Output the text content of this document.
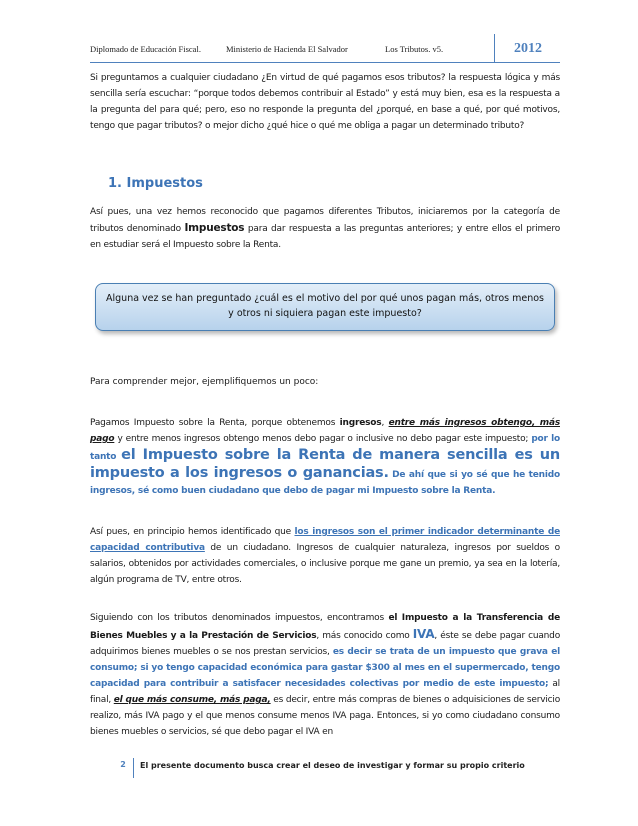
Diplomado de Educación Fiscal.	Ministerio de Hacienda El Salvador	Los Tributos. v5.	2012
Si preguntamos a cualquier ciudadano ¿En virtud de qué pagamos esos tributos? la respuesta lógica y más sencilla sería escuchar: “porque todos debemos contribuir al Estado” y está muy bien, esa es la respuesta a la pregunta del para qué; pero, eso no responde la pregunta del ¿porqué, en base a qué, por qué motivos, tengo que pagar tributos? o mejor dicho ¿qué hice o qué me obliga a pagar un determinado tributo?
1. Impuestos
Así pues, una vez hemos reconocido que pagamos diferentes Tributos, iniciaremos por la categoría de tributos denominado Impuestos para dar respuesta a las preguntas anteriores; y entre ellos el primero en estudiar será el Impuesto sobre la Renta.
Alguna vez se han preguntado ¿cuál es el motivo del por qué unos pagan más, otros menos y otros ni siquiera pagan este impuesto?
Para comprender mejor, ejemplifiquemos un poco:
Pagamos Impuesto sobre la Renta, porque obtenemos ingresos, entre más ingresos obtengo, más pago y entre menos ingresos obtengo menos debo pagar o inclusive no debo pagar este impuesto; por lo tanto el Impuesto sobre la Renta de manera sencilla es un impuesto a los ingresos o ganancias. De ahí que si yo sé que he tenido ingresos, sé como buen ciudadano que debo de pagar mi Impuesto sobre la Renta.
Así pues, en principio hemos identificado que los ingresos son el primer indicador determinante de capacidad contributiva de un ciudadano. Ingresos de cualquier naturaleza, ingresos por sueldos o salarios, obtenidos por actividades comerciales, o inclusive porque me gane un premio, ya sea en la lotería, algún programa de TV, entre otros.
Siguiendo con los tributos denominados impuestos, encontramos el Impuesto a la Transferencia de Bienes Muebles y a la Prestación de Servicios, más conocido como IVA, éste se debe pagar cuando adquirimos bienes muebles o se nos prestan servicios, es decir se trata de un impuesto que grava el consumo; si yo tengo capacidad económica para gastar $300 al mes en el supermercado, tengo capacidad para contribuir a satisfacer necesidades colectivas por medio de este impuesto; al final, el que más consume, más paga, es decir, entre más compras de bienes o adquisiciones de servicio realizo, más IVA pago y el que menos consume menos IVA paga. Entonces, si yo como ciudadano consumo bienes muebles o servicios, sé que debo pagar el IVA en
2	El presente documento busca crear el deseo de investigar y formar su propio criterio
